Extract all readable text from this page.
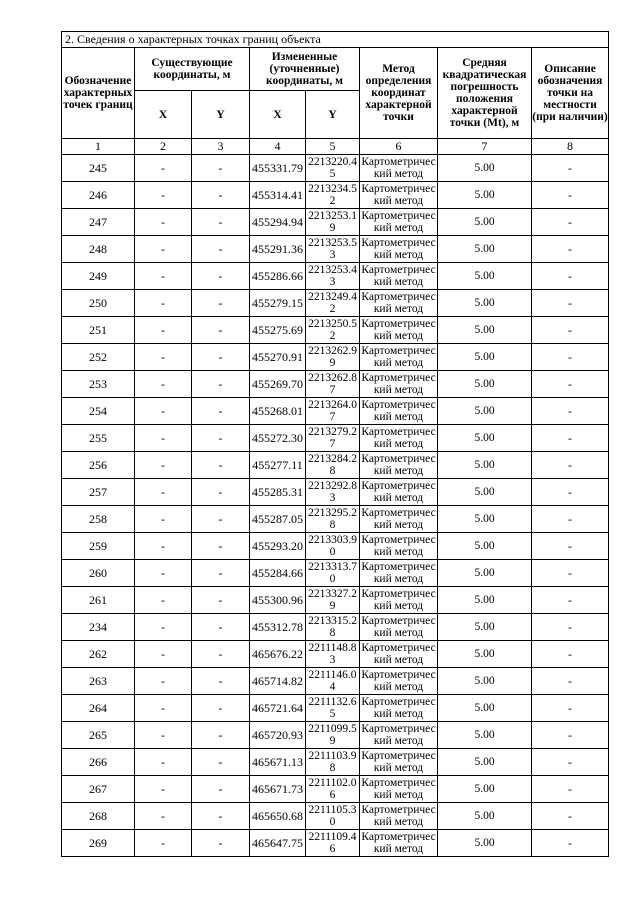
2. Сведения о характерных точках границ объекта							
Обозначение характерных точек границ	Существующие координаты, м		Измененные (уточненные) координаты, м		Метод определения координат характерной точки	Средняя квадратическая погрешность положения характерной точки (Mt), м	Описание обозначения точки на местности (при наличии)
	X	Y	X	Y			
1	2	3	4	5	6	7	8
245	-	-	455331.79	2213220.45	Картометрический метод	5.00	-
246	-	-	455314.41	2213234.52	Картометрический метод	5.00	-
247	-	-	455294.94	2213253.19	Картометрический метод	5.00	-
248	-	-	455291.36	2213253.53	Картометрический метод	5.00	-
249	-	-	455286.66	2213253.43	Картометрический метод	5.00	-
250	-	-	455279.15	2213249.42	Картометрический метод	5.00	-
251	-	-	455275.69	2213250.52	Картометрический метод	5.00	-
252	-	-	455270.91	2213262.99	Картометрический метод	5.00	-
253	-	-	455269.70	2213262.87	Картометрический метод	5.00	-
254	-	-	455268.01	2213264.07	Картометрический метод	5.00	-
255	-	-	455272.30	2213279.27	Картометрический метод	5.00	-
256	-	-	455277.11	2213284.28	Картометрический метод	5.00	-
257	-	-	455285.31	2213292.83	Картометрический метод	5.00	-
258	-	-	455287.05	2213295.28	Картометрический метод	5.00	-
259	-	-	455293.20	2213303.90	Картометрический метод	5.00	-
260	-	-	455284.66	2213313.70	Картометрический метод	5.00	-
261	-	-	455300.96	2213327.29	Картометрический метод	5.00	-
234	-	-	455312.78	2213315.28	Картометрический метод	5.00	-
262	-	-	465676.22	2211148.83	Картометрический метод	5.00	-
263	-	-	465714.82	2211146.04	Картометрический метод	5.00	-
264	-	-	465721.64	2211132.65	Картометрический метод	5.00	-
265	-	-	465720.93	2211099.59	Картометрический метод	5.00	-
266	-	-	465671.13	2211103.98	Картометрический метод	5.00	-
267	-	-	465671.73	2211102.06	Картометрический метод	5.00	-
268	-	-	465650.68	2211105.30	Картометрический метод	5.00	-
269	-	-	465647.75	2211109.46	Картометрический метод	5.00	-
